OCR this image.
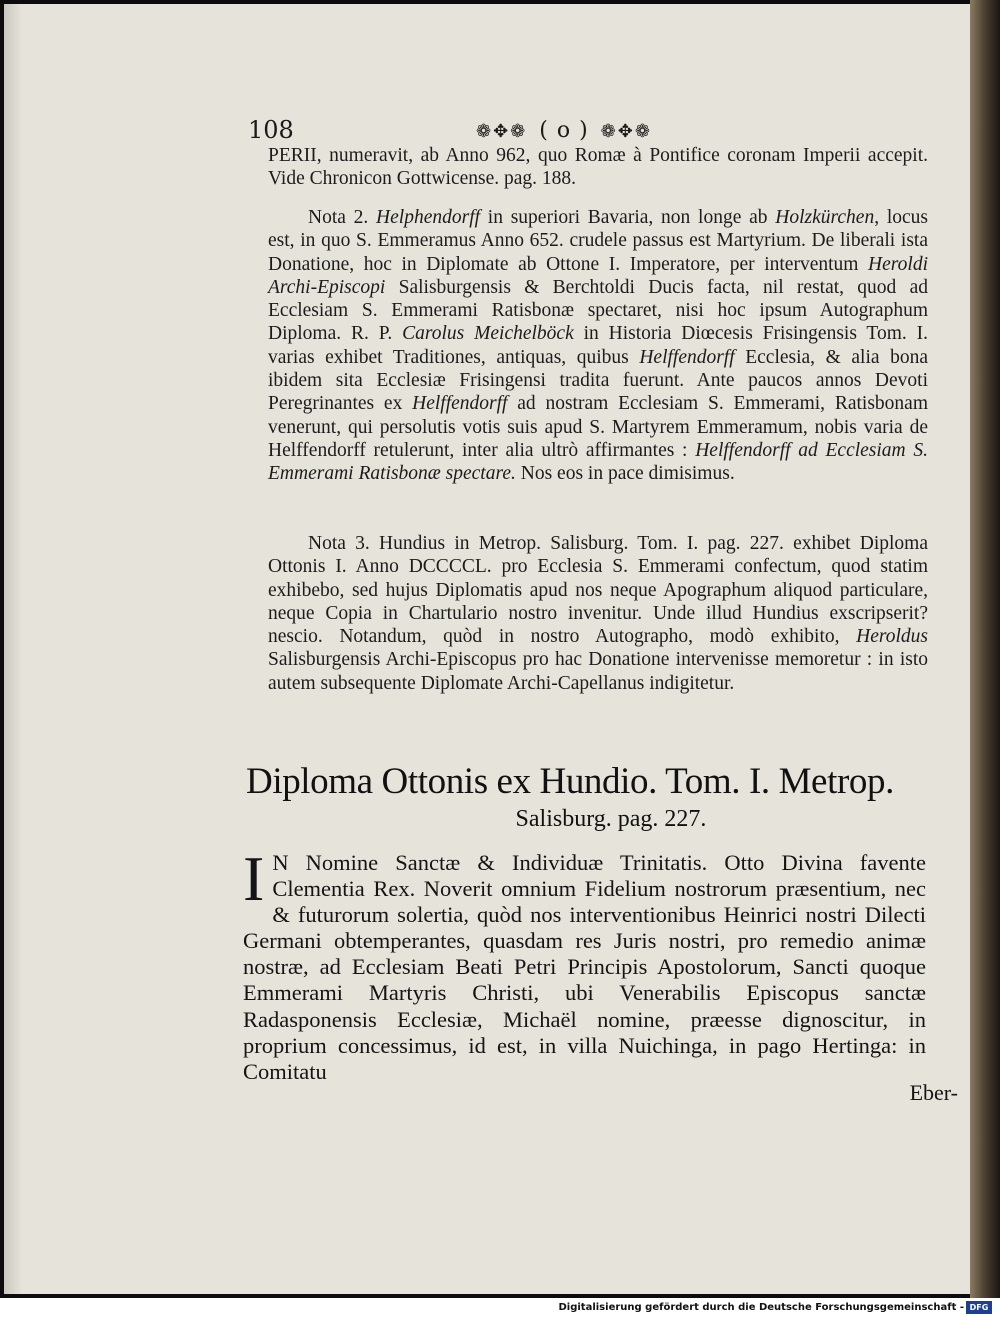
108	❁✥❁ ( o ) ❁✥❁

PERII, numeravit, ab Anno 962, quo Romæ à Pontifice coronam Imperii accepit. Vide Chronicon Gottwicense. pag. 188.

Nota 2. Helphendorff in superiori Bavaria, non longe ab Holzkürchen, locus est, in quo S. Emmeramus Anno 652. crudele passus est Martyrium. De liberali ista Donatione, hoc in Diplomate ab Ottone I. Imperatore, per interventum Heroldi Archi-Episcopi Salisburgensis & Berchtoldi Ducis facta, nil restat, quod ad Ecclesiam S. Emmerami Ratisbonæ spectaret, nisi hoc ipsum Autographum Diploma. R. P. Carolus Meichelböck in Historia Diœcesis Frisingensis Tom. I. varias exhibet Traditiones, antiquas, quibus Helffendorff Ecclesia, & alia bona ibidem sita Ecclesiæ Frisingensi tradita fuerunt. Ante paucos annos Devoti Peregrinantes ex Helffendorff ad nostram Ecclesiam S. Emmerami, Ratisbonam venerunt, qui persolutis votis suis apud S. Martyrem Emmeramum, nobis varia de Helffendorff retulerunt, inter alia ultrò affirmantes : Helffendorff ad Ecclesiam S. Emmerami Ratisbonæ spectare. Nos eos in pace dimisimus.

Nota 3. Hundius in Metrop. Salisburg. Tom. I. pag. 227. exhibet Diploma Ottonis I. Anno DCCCCL. pro Ecclesia S. Emmerami confectum, quod statim exhibebo, sed hujus Diplomatis apud nos neque Apographum aliquod particulare, neque Copia in Chartulario nostro invenitur. Unde illud Hundius exscripserit? nescio. Notandum, quòd in nostro Autographo, modò exhibito, Heroldus Salisburgensis Archi-Episcopus pro hac Donatione intervenisse memoretur : in isto autem subsequente Diplomate Archi-Capellanus indigitetur.

Diploma Ottonis ex Hundio. Tom. I. Metrop.
Salisburg. pag. 227.
I N Nomine Sanctæ & Individuæ Trinitatis. Otto Divina favente Clementia Rex. Noverit omnium Fidelium nostrorum præsentium, nec & futurorum solertia, quòd nos interventionibus Heinrici nostri Dilecti Germani obtemperantes, quasdam res Juris nostri, pro remedio animæ nostræ, ad Ecclesiam Beati Petri Principis Apostolorum, Sancti quoque Emmerami Martyris Christi, ubi Venerabilis Episcopus sanctæ Radasponensis Ecclesiæ, Michaël nomine, præesse dignoscitur, in proprium concessimus, id est, in villa Nuichinga, in pago Hertinga: in Comitatu
Eber-
Digitalisierung gefördert durch die Deutsche Forschungsgemeinschaft - DFG
